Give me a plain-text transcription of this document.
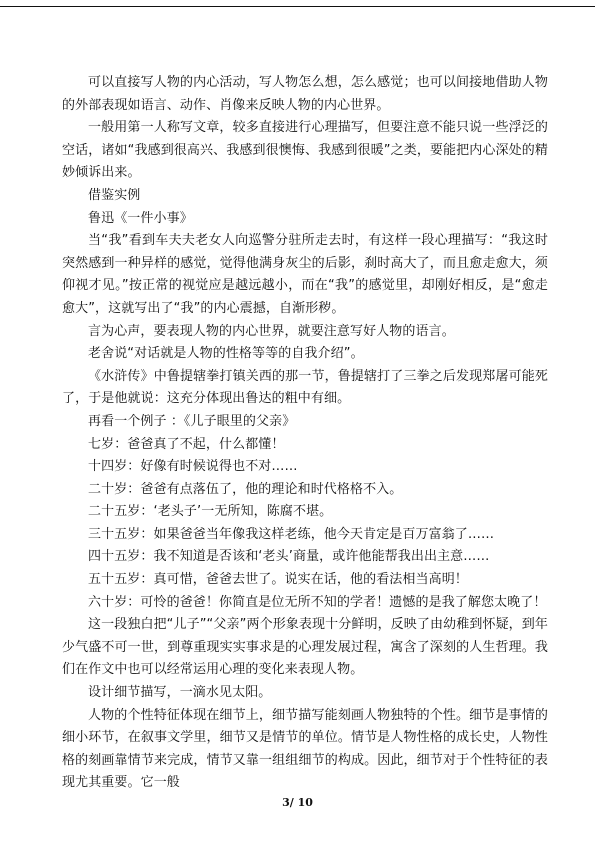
可以直接写人物的内心活动，写人物怎么想，怎么感觉；也可以间接地借助人物的外部表现如语言、动作、肖像来反映人物的内心世界。

一般用第一人称写文章，较多直接进行心理描写，但要注意不能只说一些浮泛的空话，诸如“我感到很高兴、我感到很懊悔、我感到很暖”之类，要能把内心深处的精妙倾诉出来。

借鉴实例

鲁迅《一件小事》

当“我”看到车夫夫老女人向巡警分驻所走去时，有这样一段心理描写：“我这时突然感到一种异样的感觉，觉得他满身灰尘的后影，刹时高大了，而且愈走愈大，须仰视才见。”按正常的视觉应是越远越小，而在“我”的感觉里，却刚好相反，是“愈走愈大”，这就写出了“我”的内心震撼，自渐形秽。

言为心声，要表现人物的内心世界，就要注意写好人物的语言。

老舍说“对话就是人物的性格等等的自我介绍”。

《水浒传》中鲁提辖拳打镇关西的那一节，鲁提辖打了三拳之后发现郑屠可能死了，于是他就说：这充分体现出鲁达的粗中有细。

再看一个例子 ：《儿子眼里的父亲》

七岁：爸爸真了不起，什么都懂！

十四岁：好像有时候说得也不对……

二十岁：爸爸有点落伍了，他的理论和时代格格不入。

二十五岁：‘老头子’一无所知，陈腐不堪。

三十五岁：如果爸爸当年像我这样老练，他今天肯定是百万富翁了……

四十五岁：我不知道是否该和‘老头’商量，或许他能帮我出出主意……

五十五岁：真可惜，爸爸去世了。说实在话，他的看法相当高明！

六十岁：可怜的爸爸！你简直是位无所不知的学者！遗憾的是我了解您太晚了！

这一段独白把“儿子”“父亲”两个形象表现十分鲜明，反映了由幼稚到怀疑，到年少气盛不可一世，到尊重现实实事求是的心理发展过程，寓含了深刻的人生哲理。我们在作文中也可以经常运用心理的变化来表现人物。

设计细节描写，一滴水见太阳。

人物的个性特征体现在细节上，细节描写能刻画人物独特的个性。细节是事情的细小环节，在叙事文学里，细节又是情节的单位。情节是人物性格的成长史，人物性格的刻画靠情节来完成，情节又靠一组组细节的构成。因此，细节对于个性特征的表现尤其重要。它一般

3/ 10
